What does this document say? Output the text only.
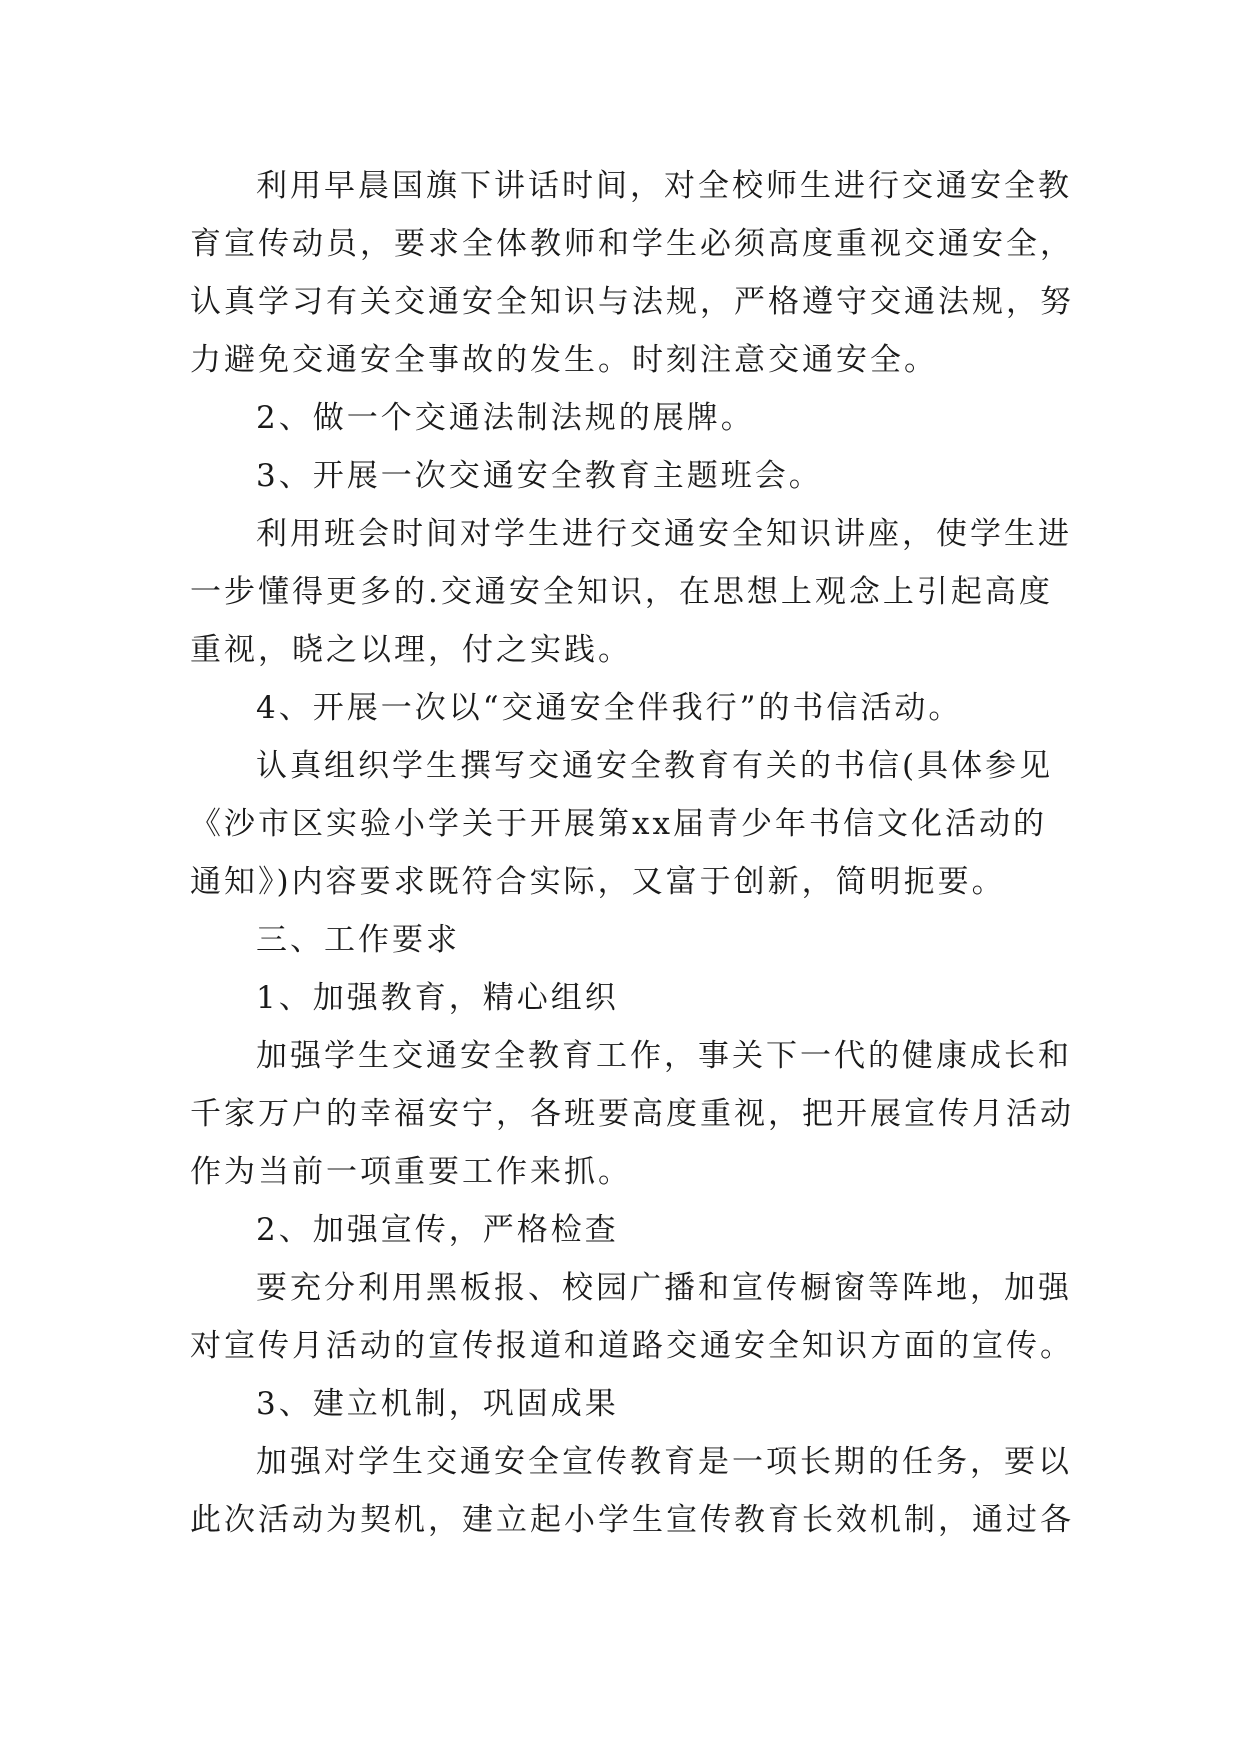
利用早晨国旗下讲话时间，对全校师生进行交通安全教

育宣传动员，要求全体教师和学生必须高度重视交通安全，

认真学习有关交通安全知识与法规，严格遵守交通法规，努

力避免交通安全事故的发生。时刻注意交通安全。

2、做一个交通法制法规的展牌。

3、开展一次交通安全教育主题班会。

利用班会时间对学生进行交通安全知识讲座，使学生进

一步懂得更多的.交通安全知识，在思想上观念上引起高度

重视，晓之以理，付之实践。

4、开展一次以“交通安全伴我行”的书信活动。

认真组织学生撰写交通安全教育有关的书信(具体参见

《沙市区实验小学关于开展第xx届青少年书信文化活动的

通知》)内容要求既符合实际，又富于创新，简明扼要。

三、工作要求

1、加强教育，精心组织

加强学生交通安全教育工作，事关下一代的健康成长和

千家万户的幸福安宁，各班要高度重视，把开展宣传月活动

作为当前一项重要工作来抓。

2、加强宣传，严格检查

要充分利用黑板报、校园广播和宣传橱窗等阵地，加强

对宣传月活动的宣传报道和道路交通安全知识方面的宣传。

3、建立机制，巩固成果

加强对学生交通安全宣传教育是一项长期的任务，要以

此次活动为契机，建立起小学生宣传教育长效机制，通过各
